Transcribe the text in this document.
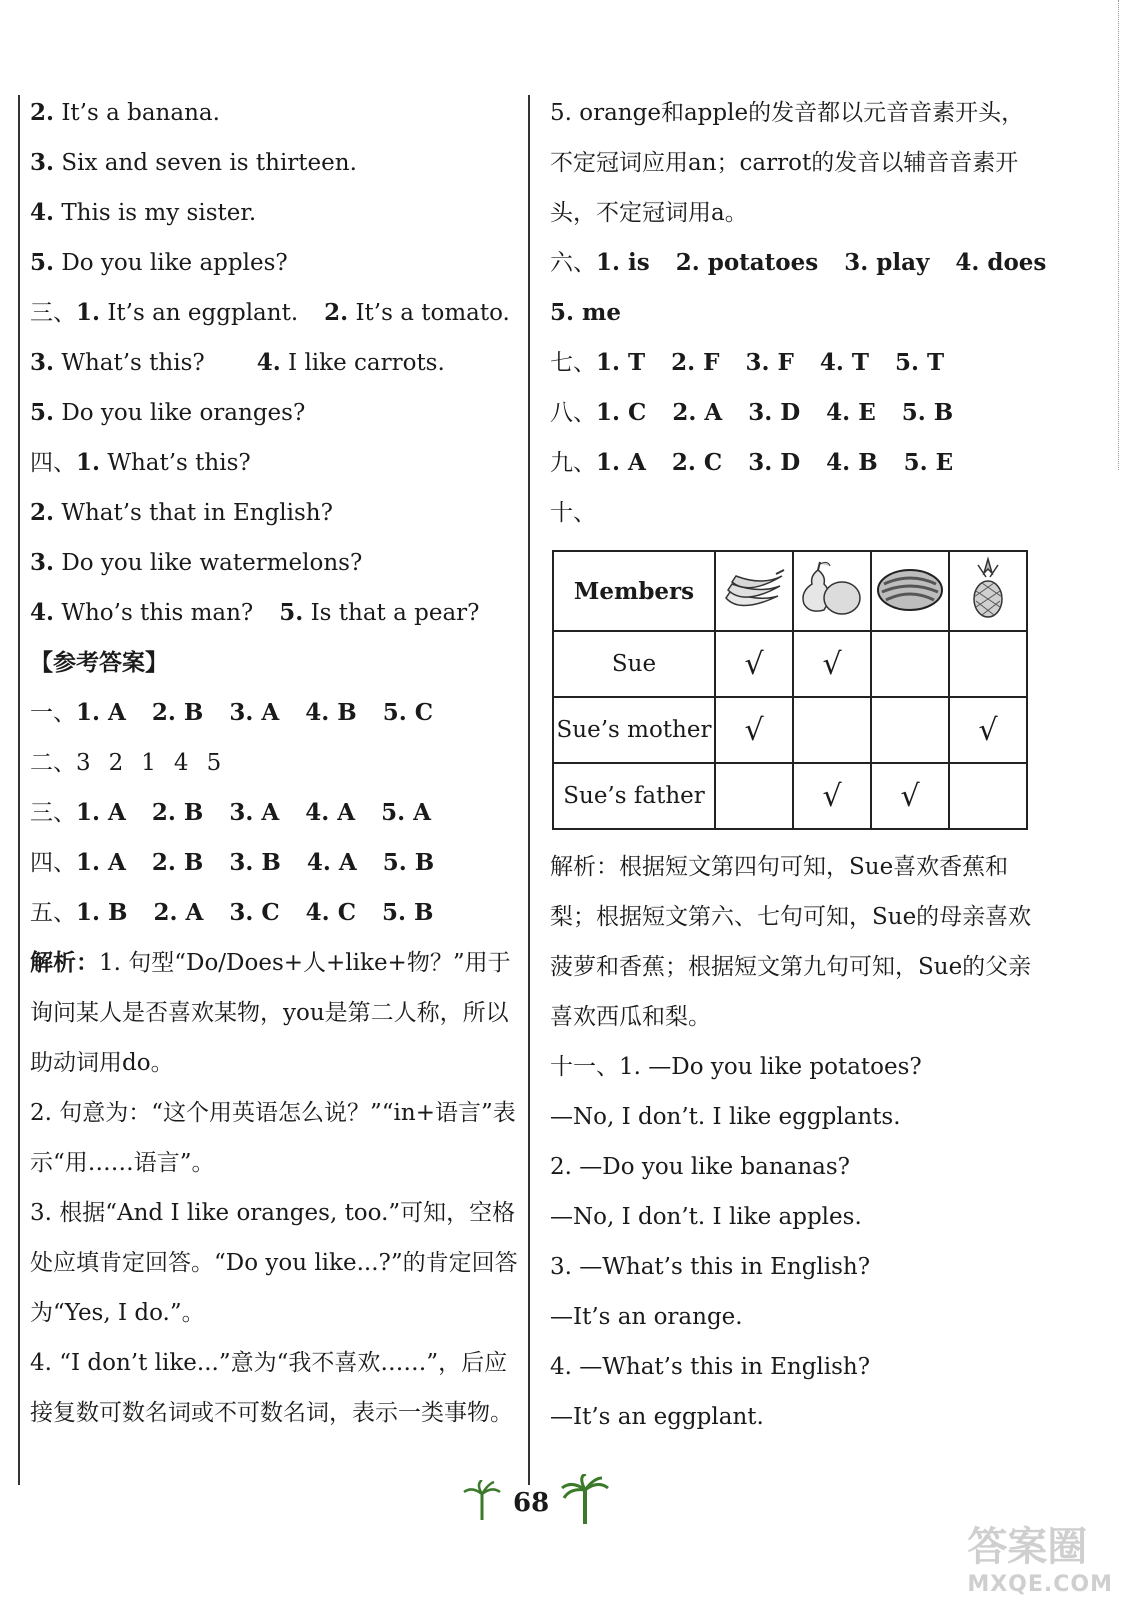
2. It’s a banana.
3. Six and seven is thirteen.
4. This is my sister.
5. Do you like apples?
三、1. It’s an eggplant. 2. It’s a tomato.
3. What’s this? 4. I like carrots.
5. Do you like oranges?
四、1. What’s this?
2. What’s that in English?
3. Do you like watermelons?
4. Who’s this man? 5. Is that a pear?
【参考答案】
一、1. A 2. B 3. A 4. B 5. C
二、3 2 1 4 5
三、1. A 2. B 3. A 4. A 5. A
四、1. A 2. B 3. B 4. A 5. B
五、1. B 2. A 3. C 4. C 5. B
解析：1. 句型“Do/Does+人+like+物？”用于询问某人是否喜欢某物，you是第二人称，所以助动词用do。
2. 句意为：“这个用英语怎么说？”“in+语言”表示“用……语言”。
3. 根据“And I like oranges, too.”可知，空格处应填肯定回答。“Do you like...?”的肯定回答为“Yes, I do.”。
4. “I don’t like...”意为“我不喜欢……”，后应接复数可数名词或不可数名词，表示一类事物。
5. orange和apple的发音都以元音音素开头，不定冠词应用an；carrot的发音以辅音音素开头，不定冠词用a。
六、1. is 2. potatoes 3. play 4. does
5. me
七、1. T 2. F 3. F 4. T 5. T
八、1. C 2. A 3. D 4. E 5. B
九、1. A 2. C 3. D 4. B 5. E
十、
Members				
Sue	√	√		
Sue’s mother	√			√
Sue’s father		√	√	
解析：根据短文第四句可知，Sue喜欢香蕉和梨；根据短文第六、七句可知，Sue的母亲喜欢菠萝和香蕉；根据短文第九句可知，Sue的父亲喜欢西瓜和梨。
十一、1. —Do you like potatoes?
—No, I don’t. I like eggplants.
2. —Do you like bananas?
—No, I don’t. I like apples.
3. —What’s this in English?
—It’s an orange.
4. —What’s this in English?
—It’s an eggplant.
68
答案圈
MXQE.COM
